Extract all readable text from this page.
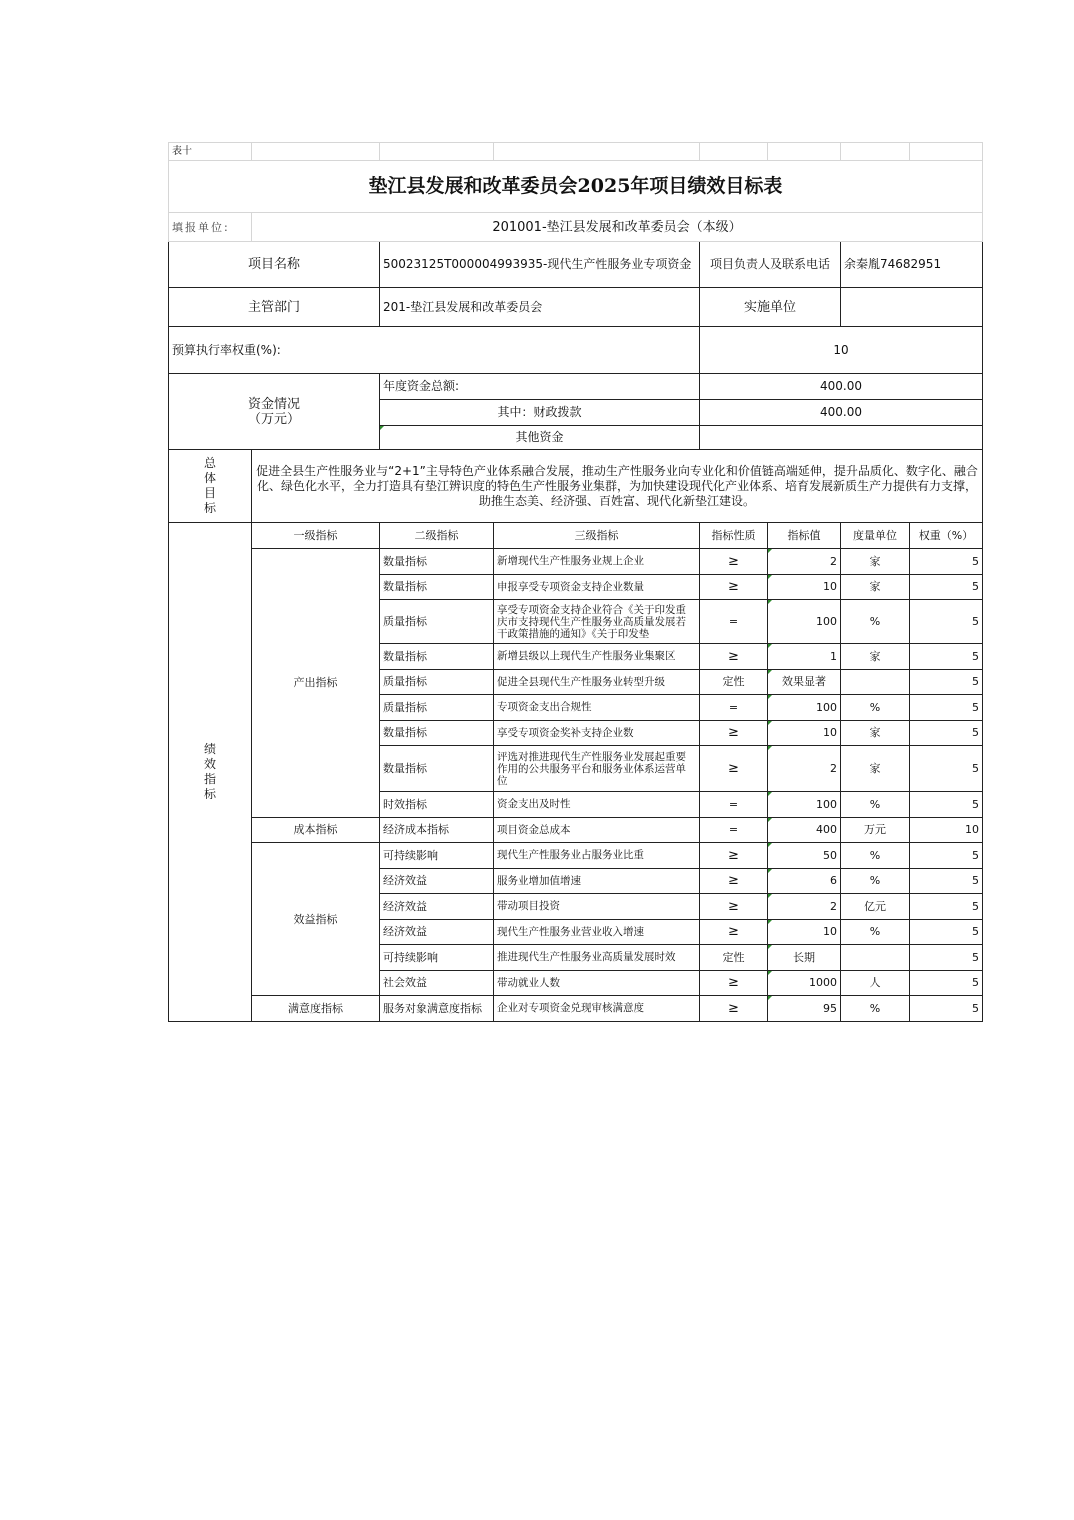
表十							
垫江县发展和改革委员会2025年项目绩效目标表							
填报单位:	201001-垫江县发展和改革委员会（本级）						
项目名称		50023125T000004993935-现代生产性服务业专项资金		项目负责人及联系电话		余秦胤74682951	
主管部门		201-垫江县发展和改革委员会		实施单位			
预算执行率权重(%):				10			
资金情况
（万元）		年度资金总额:		400.00			
		其中：财政拨款		400.00			
		其他资金					

总体目标	促进全县生产性服务业与“2+1”主导特色产业体系融合发展，推动生产性服务业向专业化和价值链高端延伸，提升品质化、数字化、融合化、绿色化水平，全力打造具有垫江辨识度的特色生产性服务业集群，为加快建设现代化产业体系、培育发展新质生产力提供有力支撑，助推生态美、经济强、百姓富、现代化新垫江建设。						

绩效指标	一级指标	二级指标	三级指标	指标性质	指标值	度量单位	权重（%）
	产出指标	数量指标	新增现代生产性服务业规上企业	≥	2	家	5
		数量指标	申报享受专项资金支持企业数量	≥	10	家	5
		质量指标	享受专项资金支持企业符合《关于印发重庆市支持现代生产性服务业高质量发展若干政策措施的通知》《关于印发垫	=	100	%	5
		数量指标	新增县级以上现代生产性服务业集聚区	≥	1	家	5
		质量指标	促进全县现代生产性服务业转型升级	定性	效果显著		5
		质量指标	专项资金支出合规性	=	100	%	5
		数量指标	享受专项资金奖补支持企业数	≥	10	家	5
		数量指标	评选对推进现代生产性服务业发展起重要作用的公共服务平台和服务业体系运营单位	≥	2	家	5
		时效指标	资金支出及时性	=	100	%	5
	成本指标	经济成本指标	项目资金总成本	=	400	万元	10
	效益指标	可持续影响	现代生产性服务业占服务业比重	≥	50	%	5
		经济效益	服务业增加值增速	≥	6	%	5
		经济效益	带动项目投资	≥	2	亿元	5
		经济效益	现代生产性服务业营业收入增速	≥	10	%	5
		可持续影响	推进现代生产性服务业高质量发展时效	定性	长期		5
		社会效益	带动就业人数	≥	1000	人	5
	满意度指标	服务对象满意度指标	企业对专项资金兑现审核满意度	≥	95	%	5
